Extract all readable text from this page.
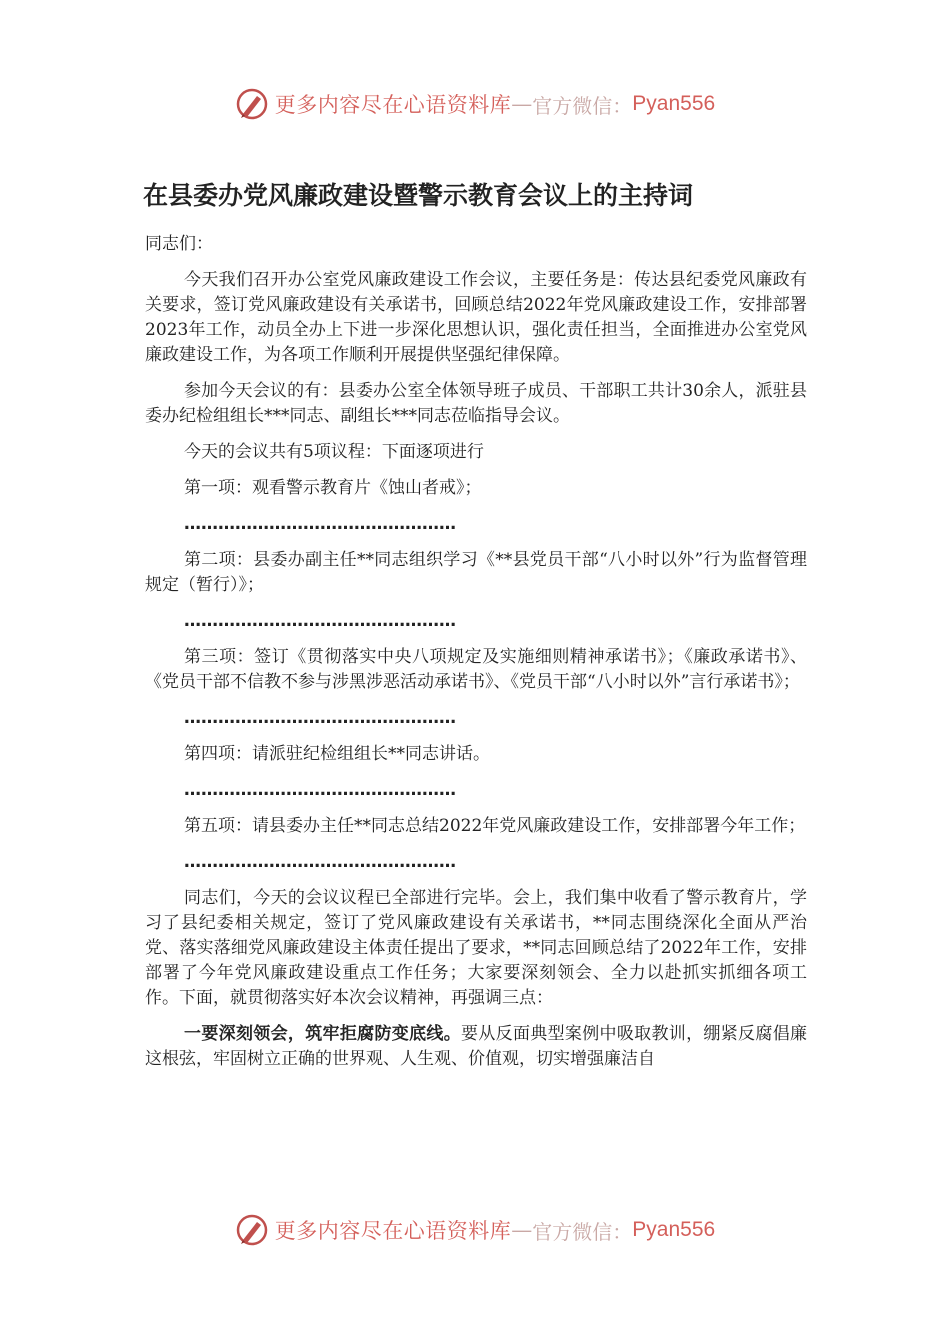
更多内容尽在心语资料库 — 官方微信： Pyan556
在县委办党风廉政建设暨警示教育会议上的主持词

同志们：

今天我们召开办公室党风廉政建设工作会议，主要任务是：传达县纪委党风廉政有关要求，签订党风廉政建设有关承诺书，回顾总结2022年党风廉政建设工作，安排部署2023年工作，动员全办上下进一步深化思想认识，强化责任担当，全面推进办公室党风廉政建设工作，为各项工作顺利开展提供坚强纪律保障。

参加今天会议的有：县委办公室全体领导班子成员、干部职工共计30余人，派驻县委办纪检组组长***同志、副组长***同志莅临指导会议。

今天的会议共有5项议程：下面逐项进行

第一项：观看警示教育片《蚀山者戒》；

…………………………………………

第二项：县委办副主任**同志组织学习《**县党员干部“八小时以外”行为监督管理规定（暂行）》；

…………………………………………

第三项：签订《贯彻落实中央八项规定及实施细则精神承诺书》；《廉政承诺书》、《党员干部不信教不参与涉黑涉恶活动承诺书》、《党员干部“八小时以外”言行承诺书》；

…………………………………………

第四项：请派驻纪检组组长**同志讲话。

…………………………………………

第五项：请县委办主任**同志总结2022年党风廉政建设工作，安排部署今年工作；

…………………………………………

同志们，今天的会议议程已全部进行完毕。会上，我们集中收看了警示教育片，学习了县纪委相关规定，签订了党风廉政建设有关承诺书，**同志围绕深化全面从严治党、落实落细党风廉政建设主体责任提出了要求，**同志回顾总结了2022年工作，安排部署了今年党风廉政建设重点工作任务；大家要深刻领会、全力以赴抓实抓细各项工作。下面，就贯彻落实好本次会议精神，再强调三点：

一要深刻领会，筑牢拒腐防变底线。要从反面典型案例中吸取教训，绷紧反腐倡廉这根弦，牢固树立正确的世界观、人生观、价值观，切实增强廉洁自

更多内容尽在心语资料库 — 官方微信： Pyan556
